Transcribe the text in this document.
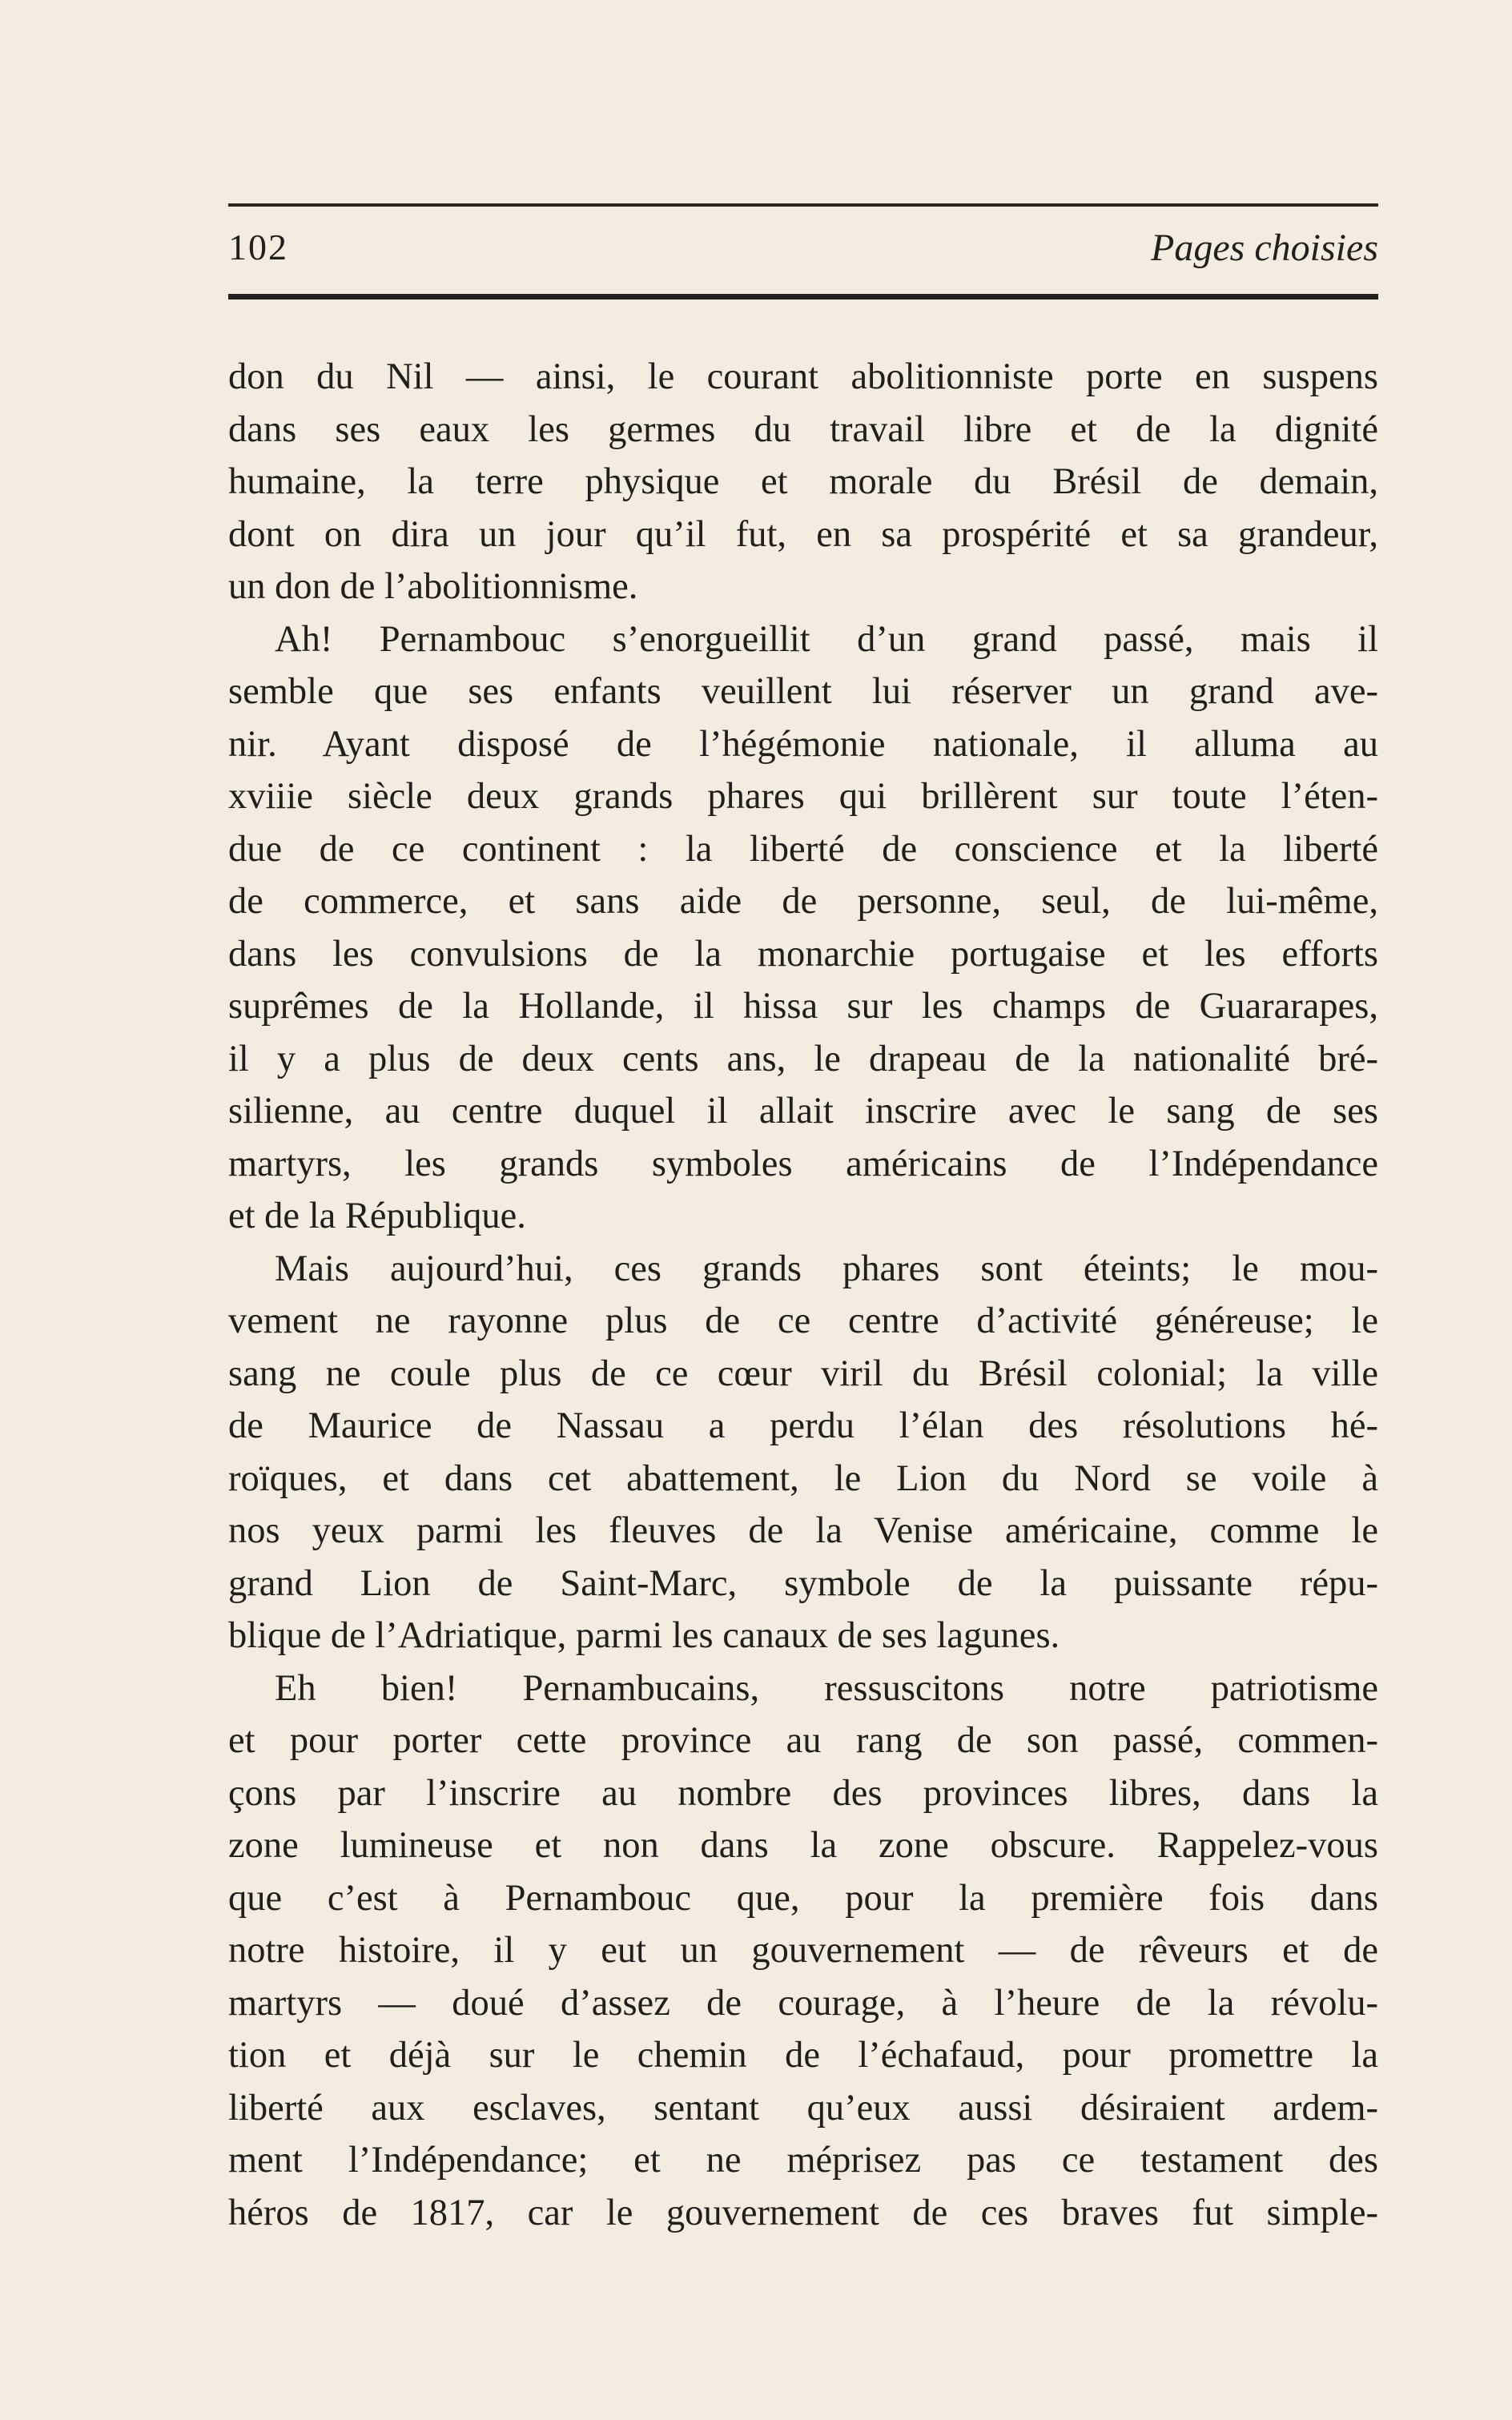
102	Pages choisies
don du Nil — ainsi, le courant abolitionniste porte en suspens
dans ses eaux les germes du travail libre et de la dignité
humaine, la terre physique et morale du Brésil de demain,
dont on dira un jour qu’il fut, en sa prospérité et sa grandeur,
un don de l’abolitionnisme.
Ah! Pernambouc s’enorgueillit d’un grand passé, mais il
semble que ses enfants veuillent lui réserver un grand ave-
nir. Ayant disposé de l’hégémonie nationale, il alluma au
xviiie siècle deux grands phares qui brillèrent sur toute l’éten-
due de ce continent : la liberté de conscience et la liberté
de commerce, et sans aide de personne, seul, de lui-même,
dans les convulsions de la monarchie portugaise et les efforts
suprêmes de la Hollande, il hissa sur les champs de Guararapes,
il y a plus de deux cents ans, le drapeau de la nationalité bré-
silienne, au centre duquel il allait inscrire avec le sang de ses
martyrs, les grands symboles américains de l’Indépendance
et de la République.
Mais aujourd’hui, ces grands phares sont éteints; le mou-
vement ne rayonne plus de ce centre d’activité généreuse; le
sang ne coule plus de ce cœur viril du Brésil colonial; la ville
de Maurice de Nassau a perdu l’élan des résolutions hé-
roïques, et dans cet abattement, le Lion du Nord se voile à
nos yeux parmi les fleuves de la Venise américaine, comme le
grand Lion de Saint-Marc, symbole de la puissante répu-
blique de l’Adriatique, parmi les canaux de ses lagunes.
Eh bien! Pernambucains, ressuscitons notre patriotisme
et pour porter cette province au rang de son passé, commen-
çons par l’inscrire au nombre des provinces libres, dans la
zone lumineuse et non dans la zone obscure. Rappelez-vous
que c’est à Pernambouc que, pour la première fois dans
notre histoire, il y eut un gouvernement — de rêveurs et de
martyrs — doué d’assez de courage, à l’heure de la révolu-
tion et déjà sur le chemin de l’échafaud, pour promettre la
liberté aux esclaves, sentant qu’eux aussi désiraient ardem-
ment l’Indépendance; et ne méprisez pas ce testament des
héros de 1817, car le gouvernement de ces braves fut simple-
